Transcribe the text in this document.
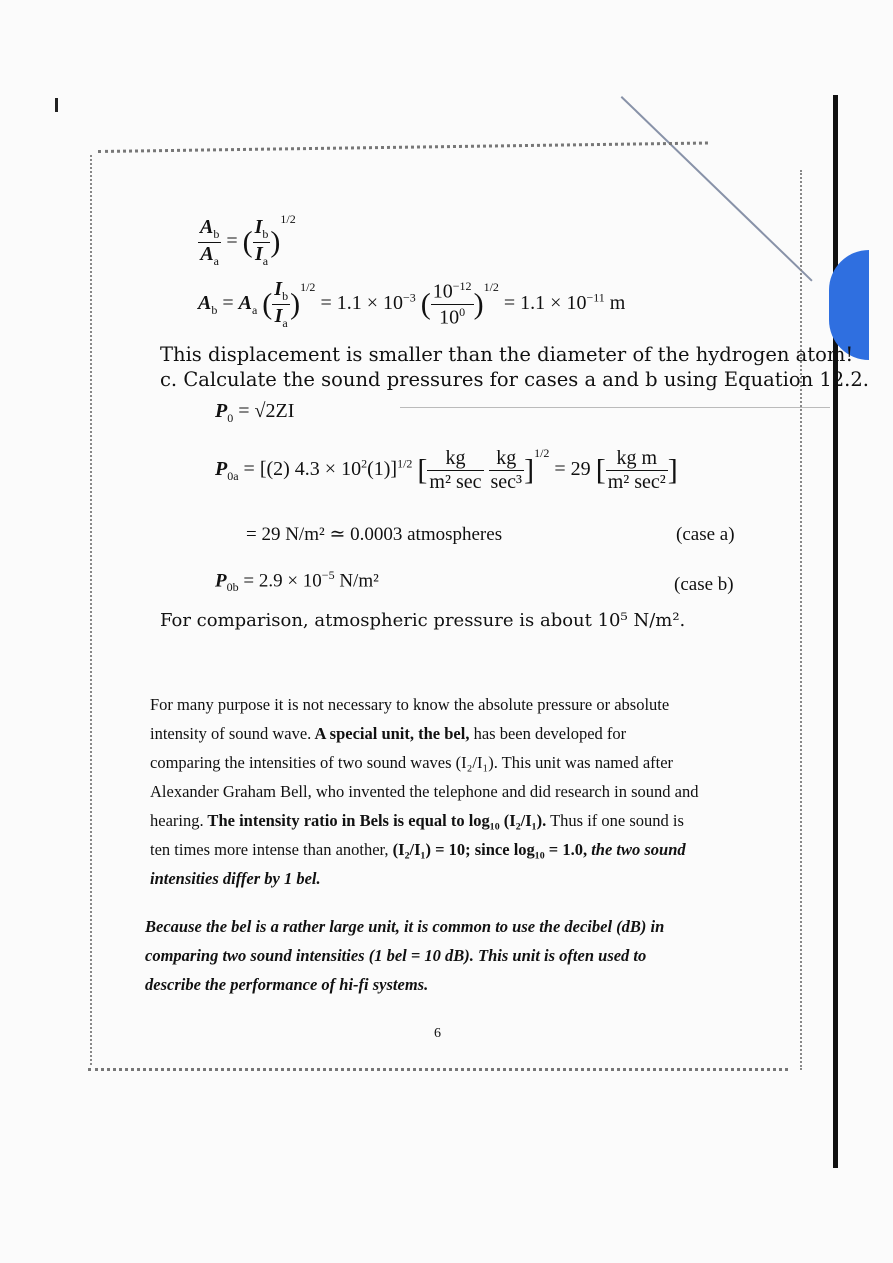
$\frac{A_b}{A_a}$ = ( $\frac{I_b}{I_a} )^{1/2}$
$A_b = A_a$ ( $\frac{I_b}{I_a} )^{1/2} = 1.1 \times 10^{-3}$ ( $\frac{10^{-12}}{10^0} )^{1/2} = 1.1 \times 10^{-11}$ m
This displacement is smaller than the diameter of the hydrogen atom!
c. Calculate the sound pressures for cases a and b using Equation 12.2.
$P_0 = √2ZI$
$P_{0a} = [(2) 4.3 \times 10^2(1)]^{1/2}$ [ $\frac{kg}{\text{m² sec}}$
$\frac{kg}{\text{sec³}} ]^{1/2} = 29$ [ $\frac{\text{kg m}}{\text{m² sec²}}$ ]
= 29 N/m² ≃ 0.0003 atmospheres	(case a)
$P_{0b} = 2.9 \times 10^{-5}$ N/m²	(case b)
For comparison, atmospheric pressure is about 10⁵ N/m².
For many purpose it is not necessary to know the absolute pressure or absolute
intensity of sound wave. A special unit, the bel, has been developed for
comparing the intensities of two sound waves (I₂/I₁). This unit was named after
Alexander Graham Bell, who invented the telephone and did research in sound and
hearing. The intensity ratio in Bels is equal to log₁₀ (I₂/I₁). Thus if one sound is
ten times more intense than another, (I₂/I₁) = 10; since log₁₀ = 1.0, the two sound
intensities differ by 1 bel.
Because the bel is a rather large unit, it is common to use the decibel (dB) in
comparing two sound intensities (1 bel = 10 dB). This unit is often used to
describe the performance of hi-fi systems.
6
